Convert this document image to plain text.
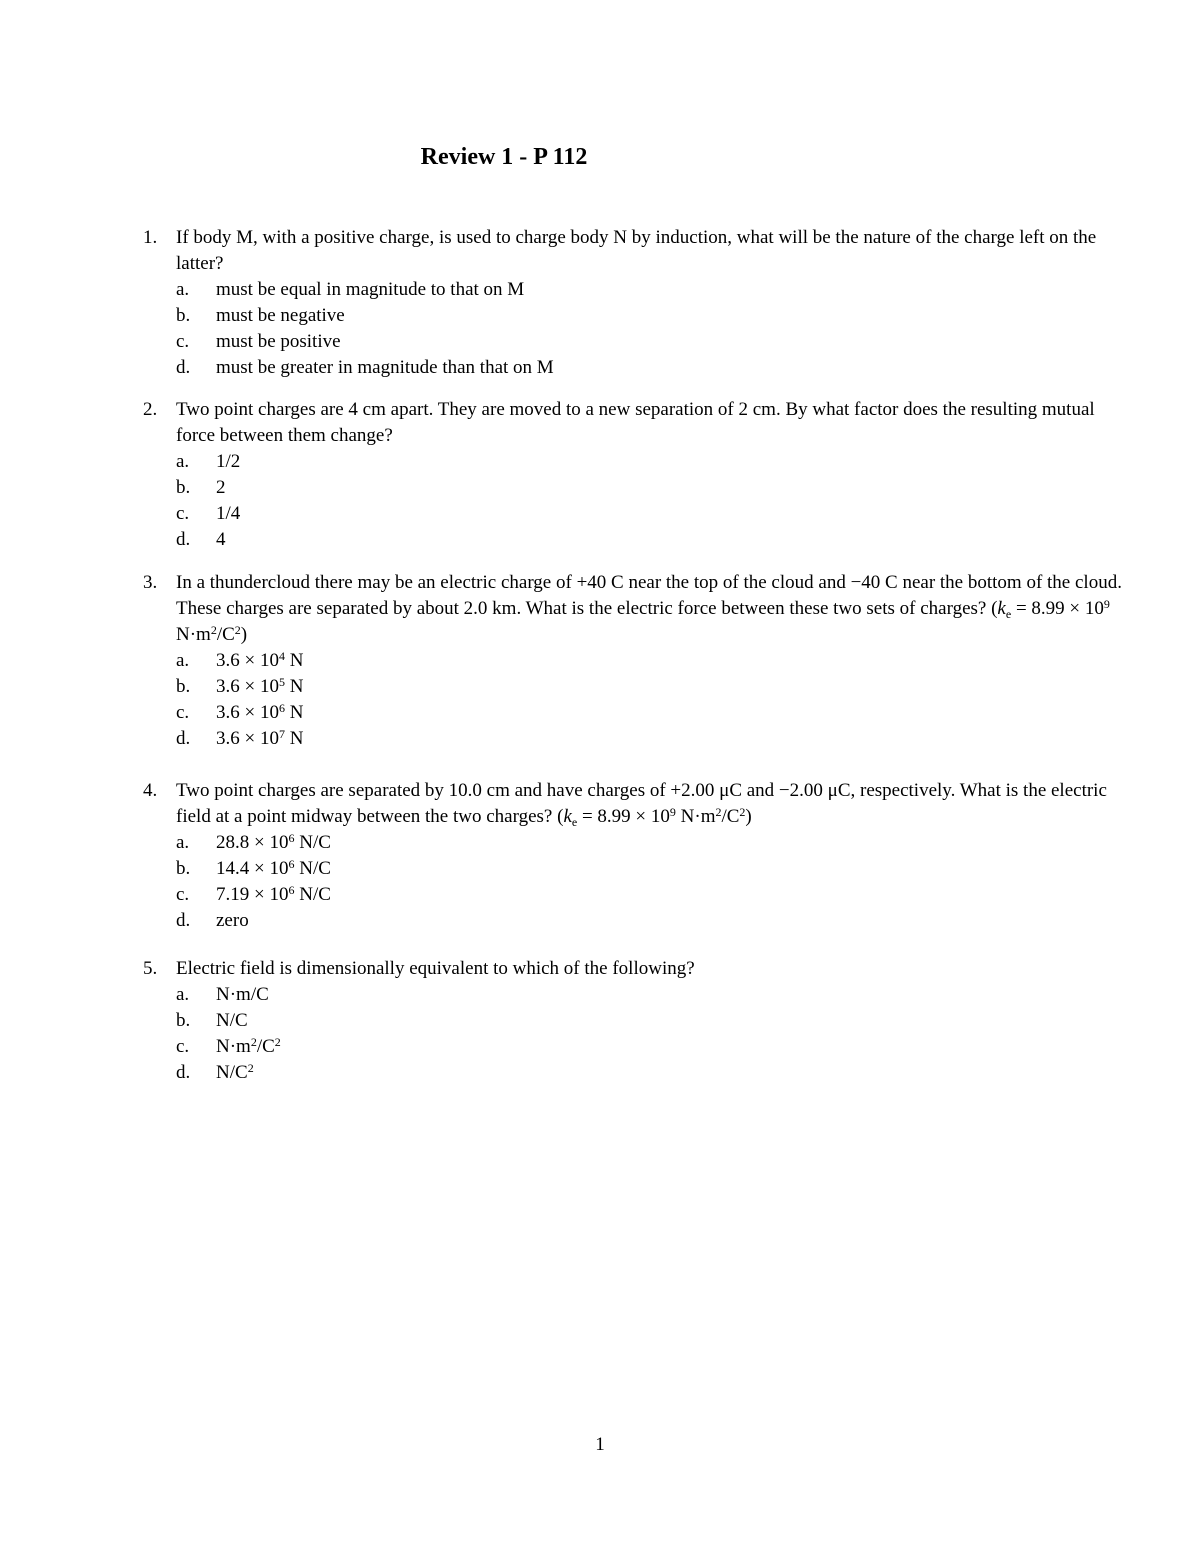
Review 1 - P 112
1. If body M, with a positive charge, is used to charge body N by induction, what will be the nature of the charge left on the latter?
a.	must be equal in magnitude to that on M
b.	must be negative
c.	must be positive
d.	must be greater in magnitude than that on M
2. Two point charges are 4 cm apart. They are moved to a new separation of 2 cm. By what factor does the resulting mutual force between them change?
a.	1/2
b.	2
c.	1/4
d.	4
3. In a thundercloud there may be an electric charge of +40 C near the top of the cloud and −40 C near the bottom of the cloud. These charges are separated by about 2.0 km. What is the electric force between these two sets of charges? ($k_e = 8.99 \times 10^9$ $N\cdot m^2/C^2$)
a.	$3.6 \times 10^4$ N
b.	$3.6 \times 10^5$ N
c.	$3.6 \times 10^6$ N
d.	$3.6 \times 10^7$ N
4. Two point charges are separated by 10.0 cm and have charges of +2.00 μC and −2.00 μC, respectively. What is the electric field at a point midway between the two charges? ($k_e = 8.99 \times 10^9$ $N\cdot m^2/C^2$)
a.	$28.8 \times 10^6$ N/C
b.	$14.4 \times 10^6$ N/C
c.	$7.19 \times 10^6$ N/C
d.	zero
5. Electric field is dimensionally equivalent to which of the following?
a.	N·m/C
b.	N/C
c.	$N\cdot m^2/C^2$
d.	$N/C^2$
1
